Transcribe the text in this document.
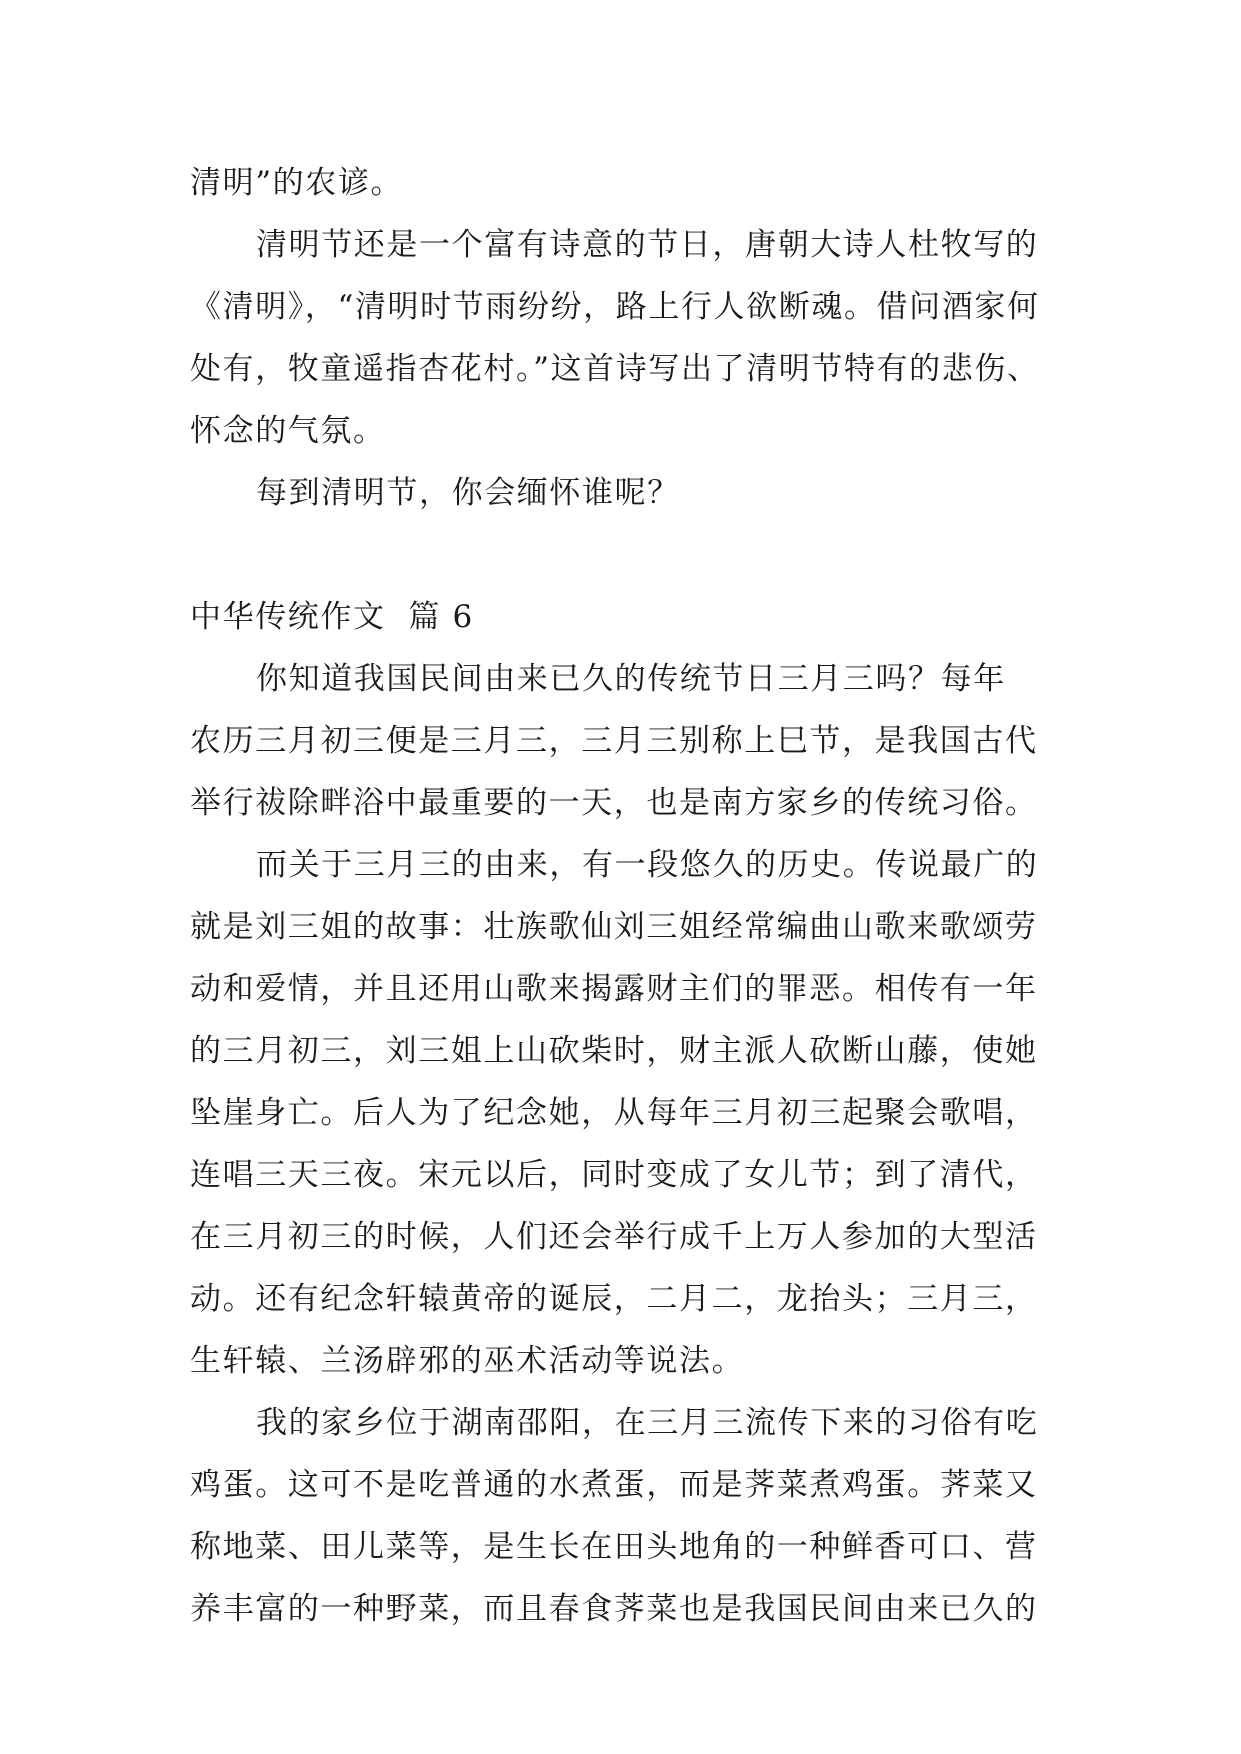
清明”的农谚。
清明节还是一个富有诗意的节日，唐朝大诗人杜牧写的
《清明》，“清明时节雨纷纷，路上行人欲断魂。借问酒家何
处有，牧童遥指杏花村。”这首诗写出了清明节特有的悲伤、
怀念的气氛。
每到清明节，你会缅怀谁呢？
中华传统作文  篇 6
你知道我国民间由来已久的传统节日三月三吗？每年
农历三月初三便是三月三，三月三别称上巳节，是我国古代
举行祓除畔浴中最重要的一天，也是南方家乡的传统习俗。
而关于三月三的由来，有一段悠久的历史。传说最广的
就是刘三姐的故事：壮族歌仙刘三姐经常编曲山歌来歌颂劳
动和爱情，并且还用山歌来揭露财主们的罪恶。相传有一年
的三月初三，刘三姐上山砍柴时，财主派人砍断山藤，使她
坠崖身亡。后人为了纪念她，从每年三月初三起聚会歌唱，
连唱三天三夜。宋元以后，同时变成了女儿节；到了清代，
在三月初三的时候，人们还会举行成千上万人参加的大型活
动。还有纪念轩辕黄帝的诞辰，二月二，龙抬头；三月三，
生轩辕、兰汤辟邪的巫术活动等说法。
我的家乡位于湖南邵阳，在三月三流传下来的习俗有吃
鸡蛋。这可不是吃普通的水煮蛋，而是荠菜煮鸡蛋。荠菜又
称地菜、田儿菜等，是生长在田头地角的一种鲜香可口、营
养丰富的一种野菜，而且春食荠菜也是我国民间由来已久的
